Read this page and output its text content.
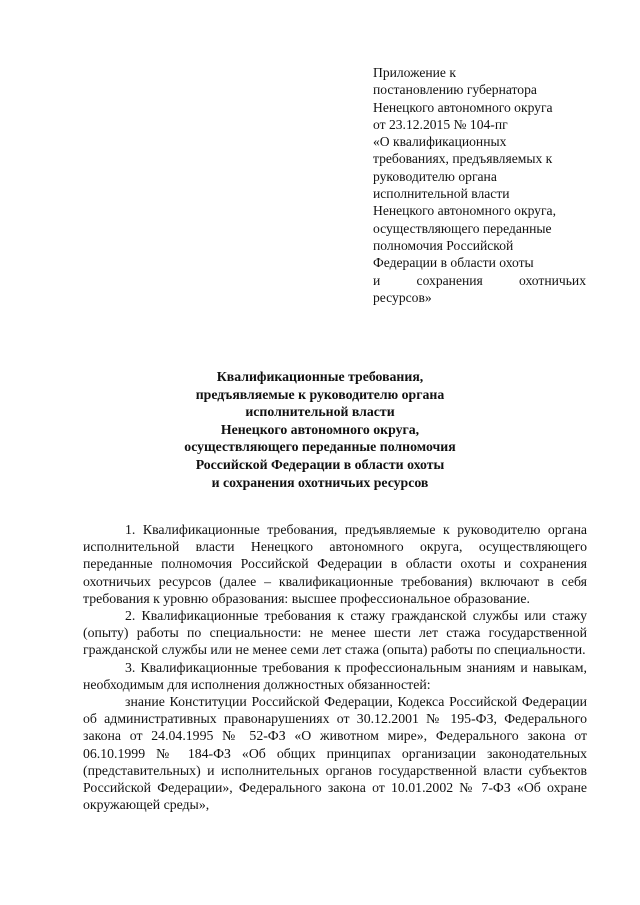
Приложение к
постановлению губернатора
Ненецкого автономного округа
от 23.12.2015 № 104-пг
«О квалификационных
требованиях, предъявляемых к
руководителю органа
исполнительной власти
Ненецкого автономного округа,
осуществляющего переданные
полномочия Российской
Федерации в области охоты
и	сохранения	охотничьих
ресурсов»
Квалификационные требования,
предъявляемые к руководителю органа
исполнительной власти
Ненецкого автономного округа,
осуществляющего переданные полномочия
Российской Федерации в области охоты
и сохранения охотничьих ресурсов

1. Квалификационные требования, предъявляемые к руководителю органа исполнительной власти Ненецкого автономного округа, осуществляющего переданные полномочия Российской Федерации в области охоты и сохранения охотничьих ресурсов (далее – квалификационные требования) включают в себя требования к уровню образования: высшее профессиональное образование.

2. Квалификационные требования к стажу гражданской службы или стажу (опыту) работы по специальности: не менее шести лет стажа государственной гражданской службы или не менее семи лет стажа (опыта) работы по специальности.

3. Квалификационные требования к профессиональным знаниям и навыкам, необходимым для исполнения должностных обязанностей:

знание Конституции Российской Федерации, Кодекса Российской Федерации об административных правонарушениях от 30.12.2001 № 195-ФЗ, Федерального закона от 24.04.1995 № 52-ФЗ «О животном мире», Федерального закона от 06.10.1999 № 184-ФЗ «Об общих принципах организации законодательных (представительных) и исполнительных органов государственной власти субъектов Российской Федерации», Федерального закона от 10.01.2002 № 7-ФЗ «Об охране окружающей среды»,
